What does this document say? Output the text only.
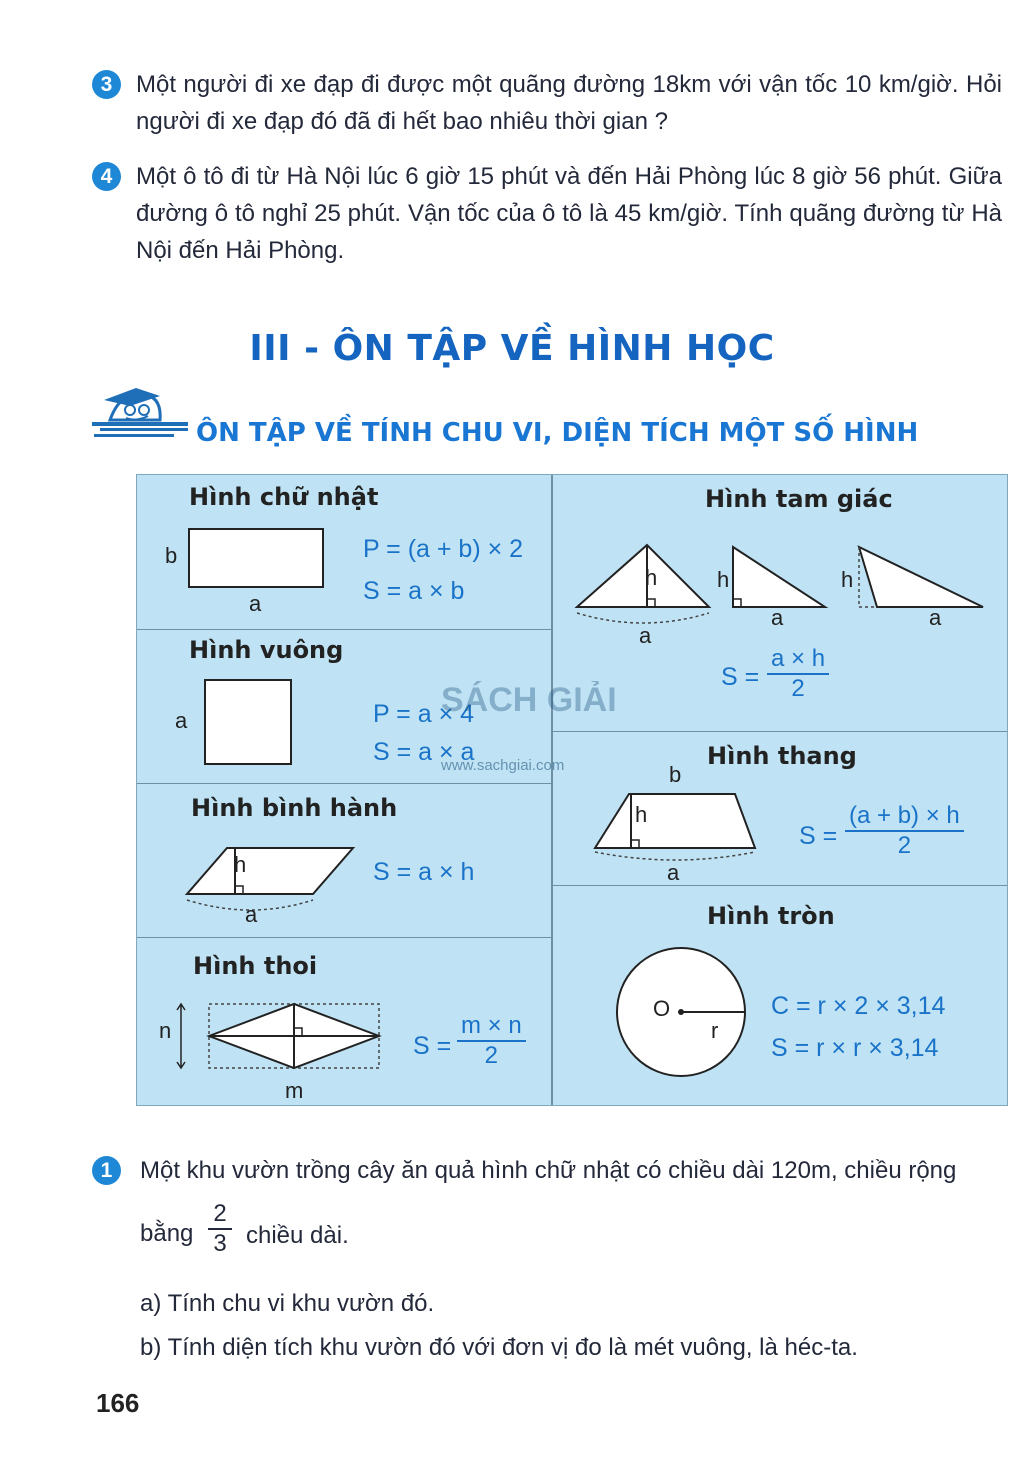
3 Một người đi xe đạp đi được một quãng đường 18km với vận tốc 10 km/giờ. Hỏi người đi xe đạp đó đã đi hết bao nhiêu thời gian ?
4 Một ô tô đi từ Hà Nội lúc 6 giờ 15 phút và đến Hải Phòng lúc 8 giờ 56 phút. Giữa đường ô tô nghỉ 25 phút. Vận tốc của ô tô là 45 km/giờ. Tính quãng đường từ Hà Nội đến Hải Phòng.
III - ÔN TẬP VỀ HÌNH HỌC
ÔN TẬP VỀ TÍNH CHU VI, DIỆN TÍCH MỘT SỐ HÌNH
Hình chữ nhật
b
a
P = (a + b) × 2
S = a × b
Hình vuông
a	P = a × 4
S = a × a
Hình bình hành
h
a
S = a × h
Hình thoi
n
m
$S = \frac{m \times n}{2}$
Hình tam giác
h	h	h
a
a	a
$S = \frac{a \times h}{2}$
Hình thang
b
h
a
$S = \frac{(a + b) \times h}{2}$
Hình tròn
O
r
C = r × 2 × 3,14
S = r × r × 3,14
SÁCH GIẢI
www.sachgiai.com
1	Một khu vườn trồng cây ăn quả hình chữ nhật có chiều dài 120m, chiều rộng
bằng $\frac{2}{3}$ chiều dài.
a) Tính chu vi khu vườn đó.
b) Tính diện tích khu vườn đó với đơn vị đo là mét vuông, là héc-ta.
166
